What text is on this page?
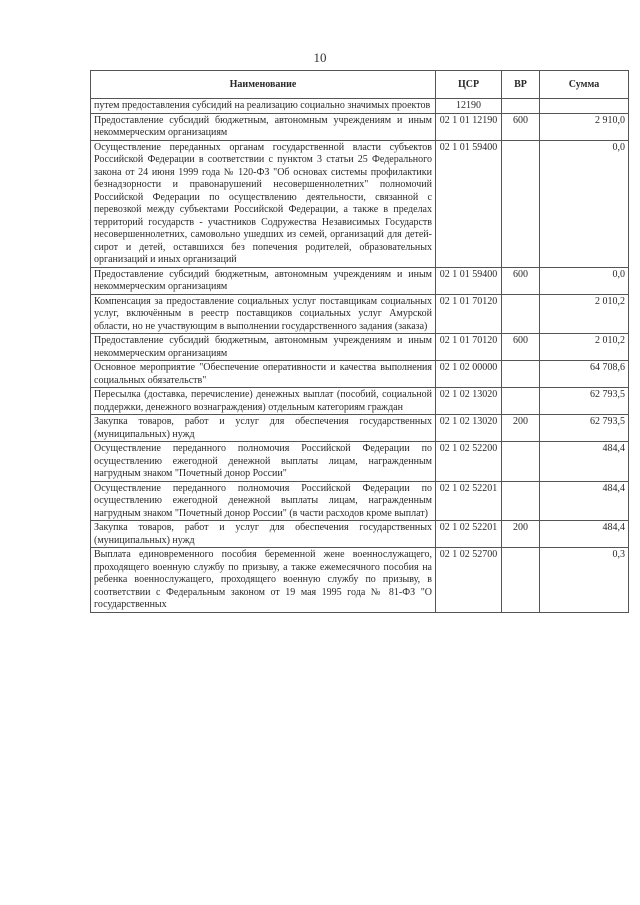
10
Наименование	ЦСР	ВР	Сумма
путем предоставления субсидий на реализацию социально значимых проектов	12190		
Предоставление субсидий бюджетным, автономным учреждениям и иным некоммерческим организациям	02 1 01 12190	600	2 910,0
Осуществление переданных органам государственной власти субъектов Российской Федерации в соответствии с пунктом 3 статьи 25 Федерального закона от 24 июня 1999 года № 120-ФЗ "Об основах системы профилактики безнадзорности и правонарушений несовершеннолетних" полномочий Российской Федерации по осуществлению деятельности, связанной с перевозкой между субъектами Российской Федерации, а также в пределах территорий государств - участников Содружества Независимых Государств несовершеннолетних, самовольно ушедших из семей, организаций для детей-сирот и детей, оставшихся без попечения родителей, образовательных организаций и иных организаций	02 1 01 59400		0,0
Предоставление субсидий бюджетным, автономным учреждениям и иным некоммерческим организациям	02 1 01 59400	600	0,0
Компенсация за предоставление социальных услуг поставщикам социальных услуг, включённым в реестр поставщиков социальных услуг Амурской области, но не участвующим в выполнении государственного задания (заказа)	02 1 01 70120		2 010,2
Предоставление субсидий бюджетным, автономным учреждениям и иным некоммерческим организациям	02 1 01 70120	600	2 010,2
Основное мероприятие "Обеспечение оперативности и качества выполнения социальных обязательств"	02 1 02 00000		64 708,6
Пересылка (доставка, перечисление) денежных выплат (пособий, социальной поддержки, денежного вознаграждения) отдельным категориям граждан	02 1 02 13020		62 793,5
Закупка товаров, работ и услуг для обеспечения государственных (муниципальных) нужд	02 1 02 13020	200	62 793,5
Осуществление переданного полномочия Российской Федерации по осуществлению ежегодной денежной выплаты лицам, награжденным нагрудным знаком "Почетный донор России"	02 1 02 52200		484,4
Осуществление переданного полномочия Российской Федерации по осуществлению ежегодной денежной выплаты лицам, награжденным нагрудным знаком "Почетный донор России" (в части расходов кроме выплат)	02 1 02 52201		484,4
Закупка товаров, работ и услуг для обеспечения государственных (муниципальных) нужд	02 1 02 52201	200	484,4
Выплата единовременного пособия беременной жене военнослужащего, проходящего военную службу по призыву, а также ежемесячного пособия на ребенка военнослужащего, проходящего военную службу по призыву, в соответствии с Федеральным законом от 19 мая 1995 года № 81-ФЗ "О государственных	02 1 02 52700		0,3
